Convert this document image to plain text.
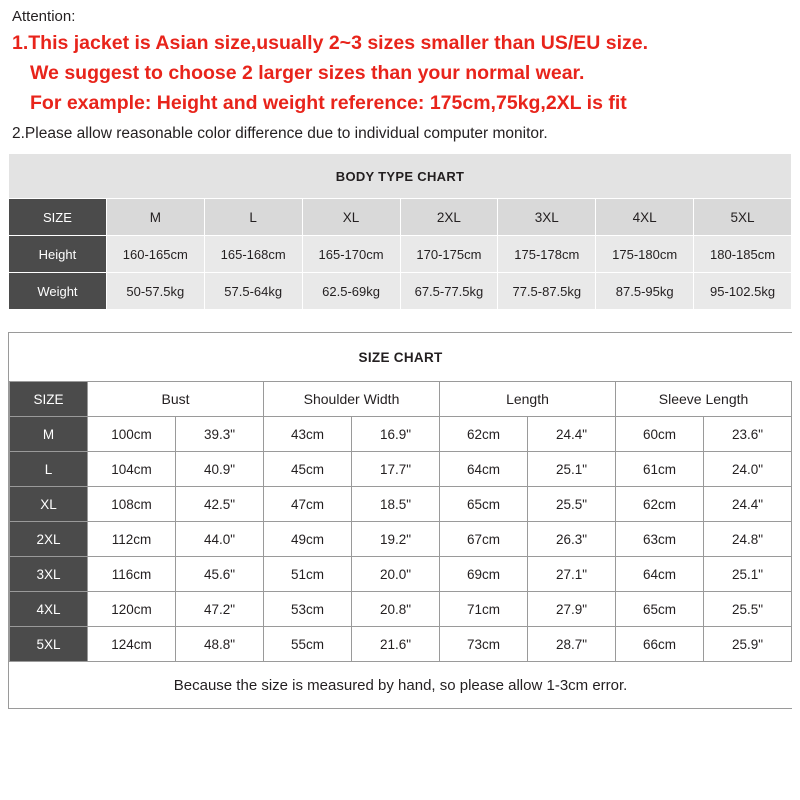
Attention:
1.This jacket is Asian size,usually 2~3 sizes smaller than US/EU size.
We suggest to choose 2 larger sizes than your normal wear.
For example: Height and weight reference: 175cm,75kg,2XL is fit
2.Please allow reasonable color difference due to individual computer monitor.
BODY TYPE CHART							
SIZE	M	L	XL	2XL	3XL	4XL	5XL
Height	160-165cm	165-168cm	165-170cm	170-175cm	175-178cm	175-180cm	180-185cm
Weight	50-57.5kg	57.5-64kg	62.5-69kg	67.5-77.5kg	77.5-87.5kg	87.5-95kg	95-102.5kg
SIZE CHART								
SIZE	Bust		Shoulder Width		Length		Sleeve Length	
M	100cm	39.3"	43cm	16.9"	62cm	24.4"	60cm	23.6"
L	104cm	40.9"	45cm	17.7"	64cm	25.1"	61cm	24.0"
XL	108cm	42.5"	47cm	18.5"	65cm	25.5"	62cm	24.4"
2XL	112cm	44.0"	49cm	19.2"	67cm	26.3"	63cm	24.8"
3XL	116cm	45.6"	51cm	20.0"	69cm	27.1"	64cm	25.1"
4XL	120cm	47.2"	53cm	20.8"	71cm	27.9"	65cm	25.5"
5XL	124cm	48.8"	55cm	21.6"	73cm	28.7"	66cm	25.9"
Because the size is measured by hand, so please allow 1-3cm error.								
